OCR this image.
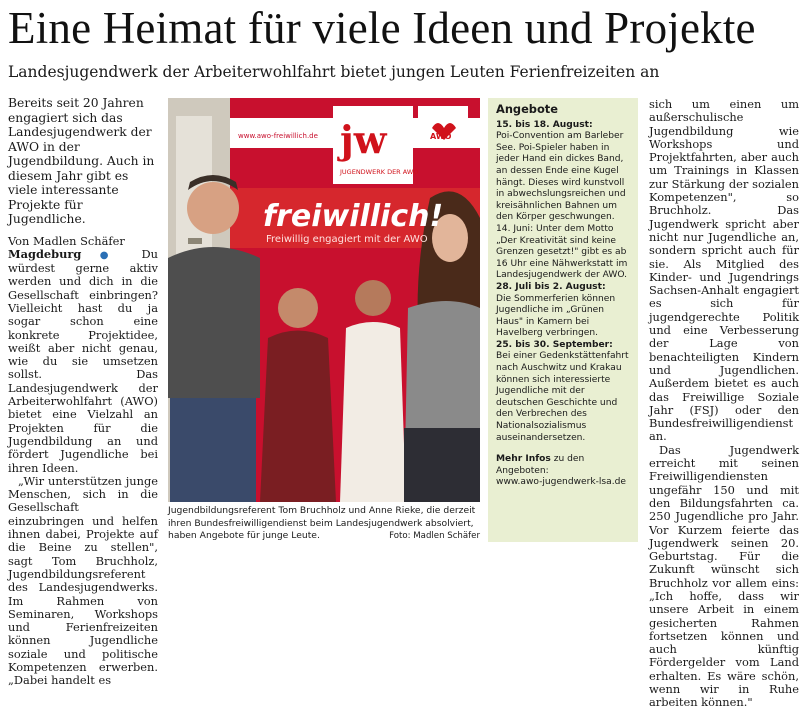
Eine Heimat für viele Ideen und Projekte
Landesjugendwerk der Arbeiterwohlfahrt bietet jungen Leuten Ferienfreizeiten an

Bereits seit 20 Jahren engagiert sich das Landesjugendwerk der AWO in der Jugendbildung. Auch in diesem Jahr gibt es viele interessante Projekte für Jugendliche.

Von Madlen Schäfer

Magdeburg ● Du würdest gerne aktiv werden und dich in die Gesellschaft einbringen? Vielleicht hast du ja sogar schon eine konkrete Projektidee, weißt aber nicht genau, wie du sie umsetzen sollst. Das Landesjugendwerk der Arbeiterwohlfahrt (AWO) bietet eine Vielzahl an Projekten für die Jugendbildung an und fördert Jugendliche bei ihren Ideen.

„Wir unterstützen junge Menschen, sich in die Gesellschaft einzubringen und helfen ihnen dabei, Projekte auf die Beine zu stellen", sagt Tom Bruchholz, Jugendbildungsreferent des Landesjugendwerks. Im Rahmen von Seminaren, Workshops und Ferienfreizeiten können Jugendliche soziale und politische Kompetenzen erwerben. „Dabei handelt es

www.awo-freiwillich.de jw
JUGENDWERK DER AWO
AWO
freiwillich!
Freiwillig engagiert mit der AWO
Jugendbildungsreferent Tom Bruchholz und Anne Rieke, die derzeit ihren Bundesfreiwilligendienst beim Landesjugendwerk absolviert, haben Angebote für junge Leute.	Foto: Madlen Schäfer

Angebote

15. bis 18. August:

Poi-Convention am Barleber See. Poi-Spieler haben in jeder Hand ein dickes Band, an dessen Ende eine Kugel hängt. Dieses wird kunstvoll in abwechslungsreichen und kreisähnlichen Bahnen um den Körper geschwungen.

14. Juni: Unter dem Motto „Der Kreativität sind keine Grenzen gesetzt!" gibt es ab 16 Uhr eine Nähwerkstatt im Landesjugendwerk der AWO.

28. Juli bis 2. August:

Die Sommerferien können Jugendliche im „Grünen Haus" in Kamern bei Havelberg verbringen.

25. bis 30. September:

Bei einer Gedenkstättenfahrt nach Auschwitz und Krakau können sich interessierte Jugendliche mit der deutschen Geschichte und den Verbrechen des Nationalsozialismus auseinandersetzen.

Mehr Infos zu den Angeboten:
www.awo-jugendwerk-lsa.de

sich um einen um außerschulische Jugendbildung wie Workshops und Projektfahrten, aber auch um Trainings in Klassen zur Stärkung der sozialen Kompetenzen", so Bruchholz. Das Jugendwerk spricht aber nicht nur Jugendliche an, sondern spricht auch für sie. Als Mitglied des Kinder- und Jugendrings Sachsen-Anhalt engagiert es sich für jugendgerechte Politik und eine Verbesserung der Lage von benachteiligten Kindern und Jugendlichen. Außerdem bietet es auch das Freiwillige Soziale Jahr (FSJ) oder den Bundesfreiwilligendienst an.

Das Jugendwerk erreicht mit seinen Freiwilligendiensten ungefähr 150 und mit den Bildungsfahrten ca. 250 Jugendliche pro Jahr. Vor Kurzem feierte das Jugendwerk seinen 20. Geburtstag. Für die Zukunft wünscht sich Bruchholz vor allem eins: „Ich hoffe, dass wir unsere Arbeit in einem gesicherten Rahmen fortsetzen können und auch künftig Fördergelder vom Land erhalten. Es wäre schön, wenn wir in Ruhe arbeiten können."
